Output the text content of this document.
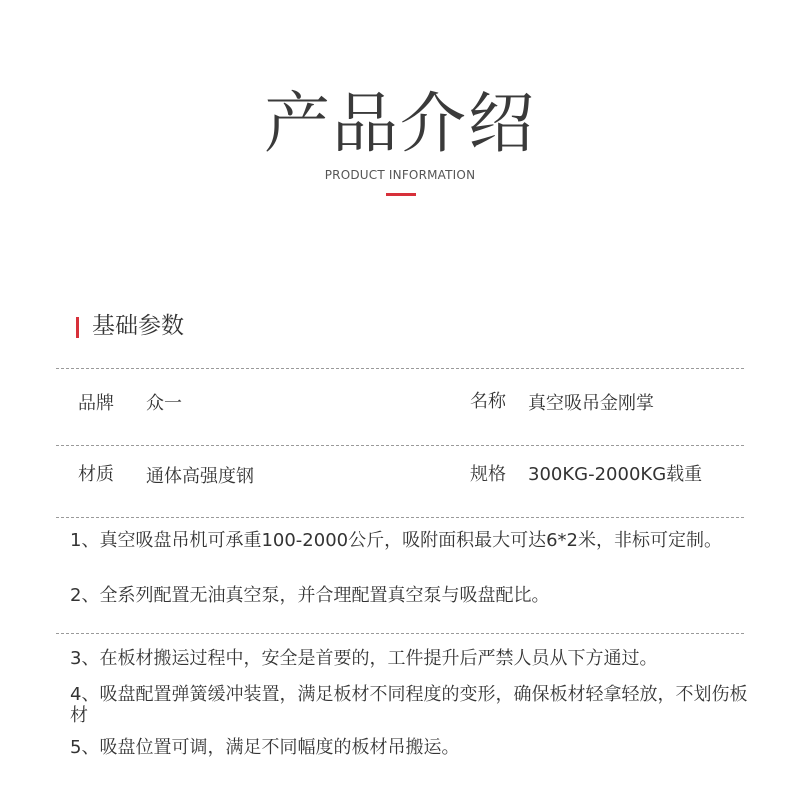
产品介绍
PRODUCT INFORMATION
基础参数
品牌 众一	名称 真空吸吊金刚掌
材质 通体高强度钢	规格 300KG-2000KG载重
1、真空吸盘吊机可承重100-2000公斤，吸附面积最大可达6*2米，非标可定制。
2、全系列配置无油真空泵，并合理配置真空泵与吸盘配比。
3、在板材搬运过程中，安全是首要的，工件提升后严禁人员从下方通过。
4、吸盘配置弹簧缓冲装置，满足板材不同程度的变形，确保板材轻拿轻放，不划伤板材
5、吸盘位置可调，满足不同幅度的板材吊搬运。
